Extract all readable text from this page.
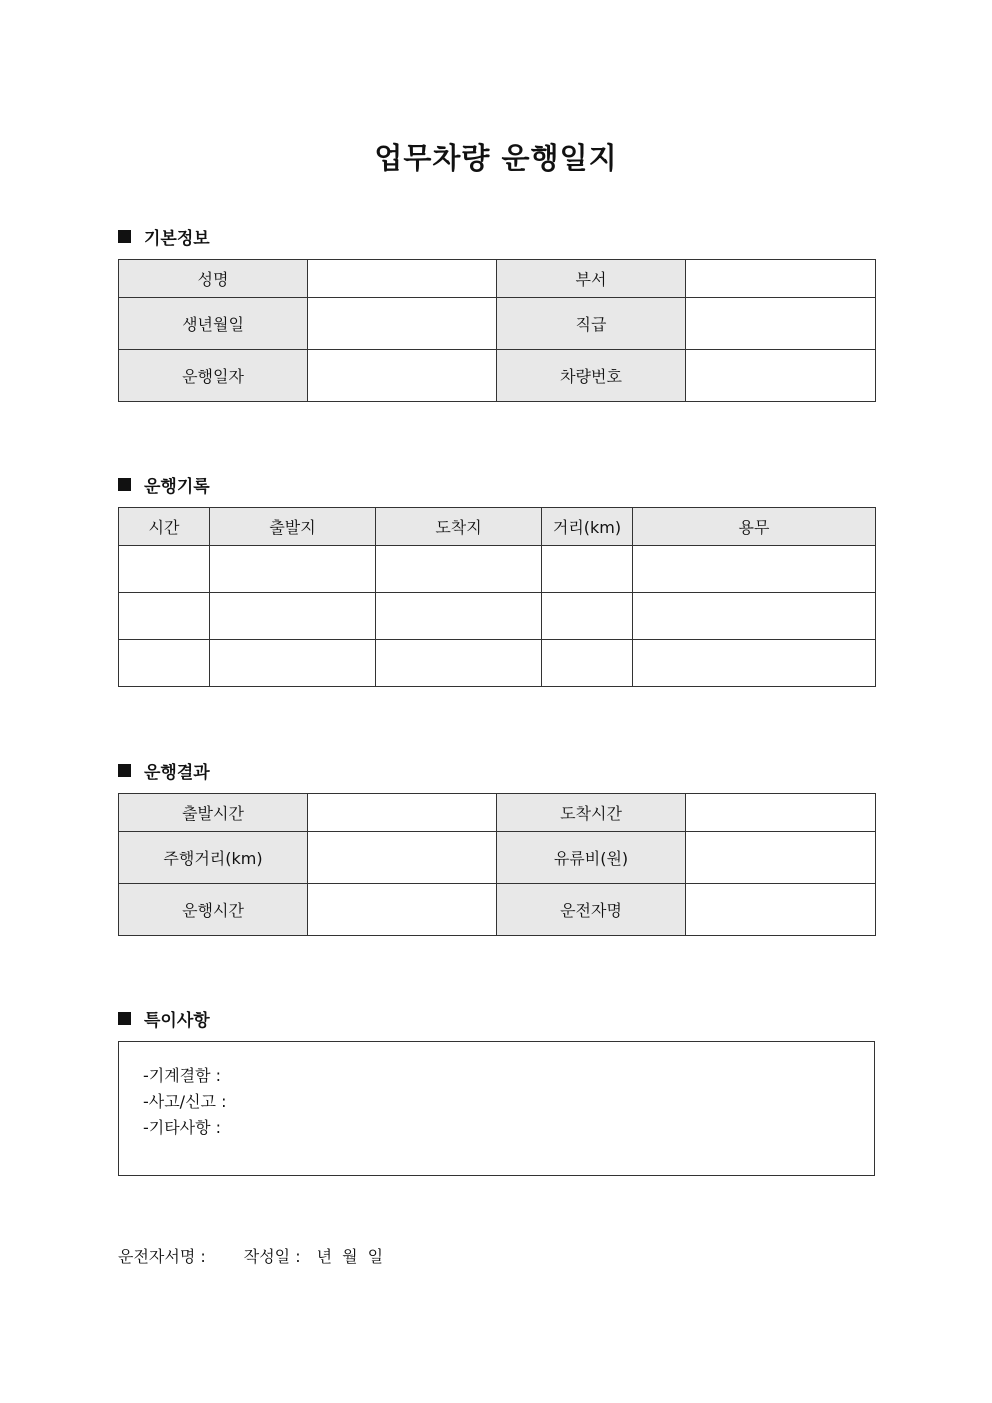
업무차량 운행일지
기본정보
성명		부서	
생년월일		직급	
운행일자		차량번호	
운행기록
시간	출발지	도착지	거리(km)	용무

운행결과
출발시간		도착시간	
주행거리(km)		유류비(원)	
운행시간		운전자명	
특이사항
-기계결함 :
-사고/신고 :
-기타사항 :
운전자서명 : 작성일 : 년 월 일
